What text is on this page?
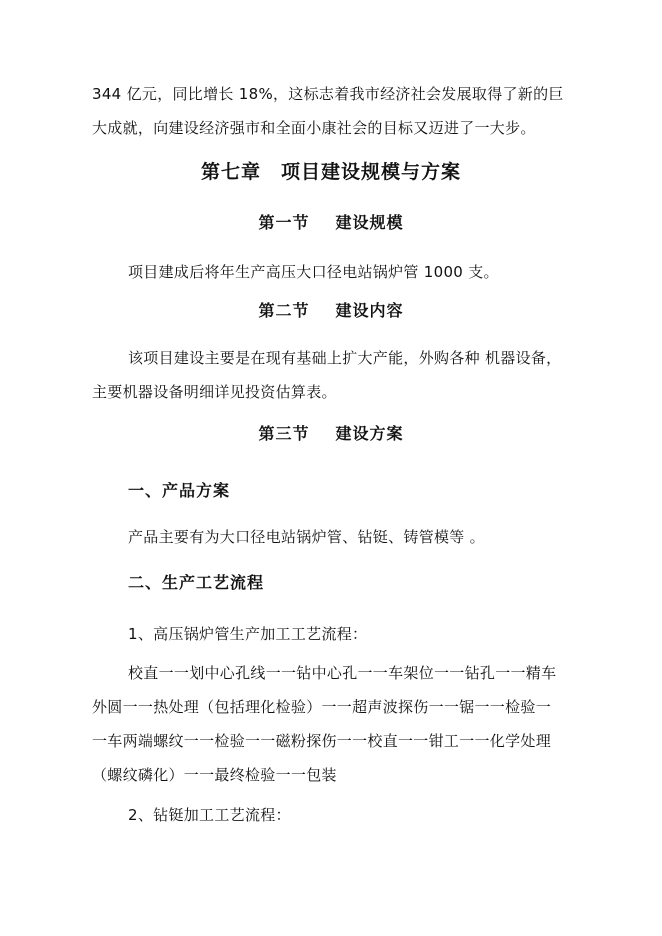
344 亿元，同比增长 18%，这标志着我市经济社会发展取得了新的巨
大成就，向建设经济强市和全面小康社会的目标又迈进了一大步。
第七章 项目建设规模与方案
第一节 建设规模
项目建成后将年生产高压大口径电站锅炉管 1000 支。
第二节 建设内容
该项目建设主要是在现有基础上扩大产能，外购各种 机器设备，
主要机器设备明细详见投资估算表。
第三节 建设方案
一、产品方案
产品主要有为大口径电站锅炉管、钻铤、铸管模等 。
二、生产工艺流程
1、高压锅炉管生产加工工艺流程：
校直一一划中心孔线一一钻中心孔一一车架位一一钻孔一一精车
外圆一一热处理（包括理化检验）一一超声波探伤一一锯一一检验一
一车两端螺纹一一检验一一磁粉探伤一一校直一一钳工一一化学处理
（螺纹磷化）一一最终检验一一包装
2、钻铤加工工艺流程：
